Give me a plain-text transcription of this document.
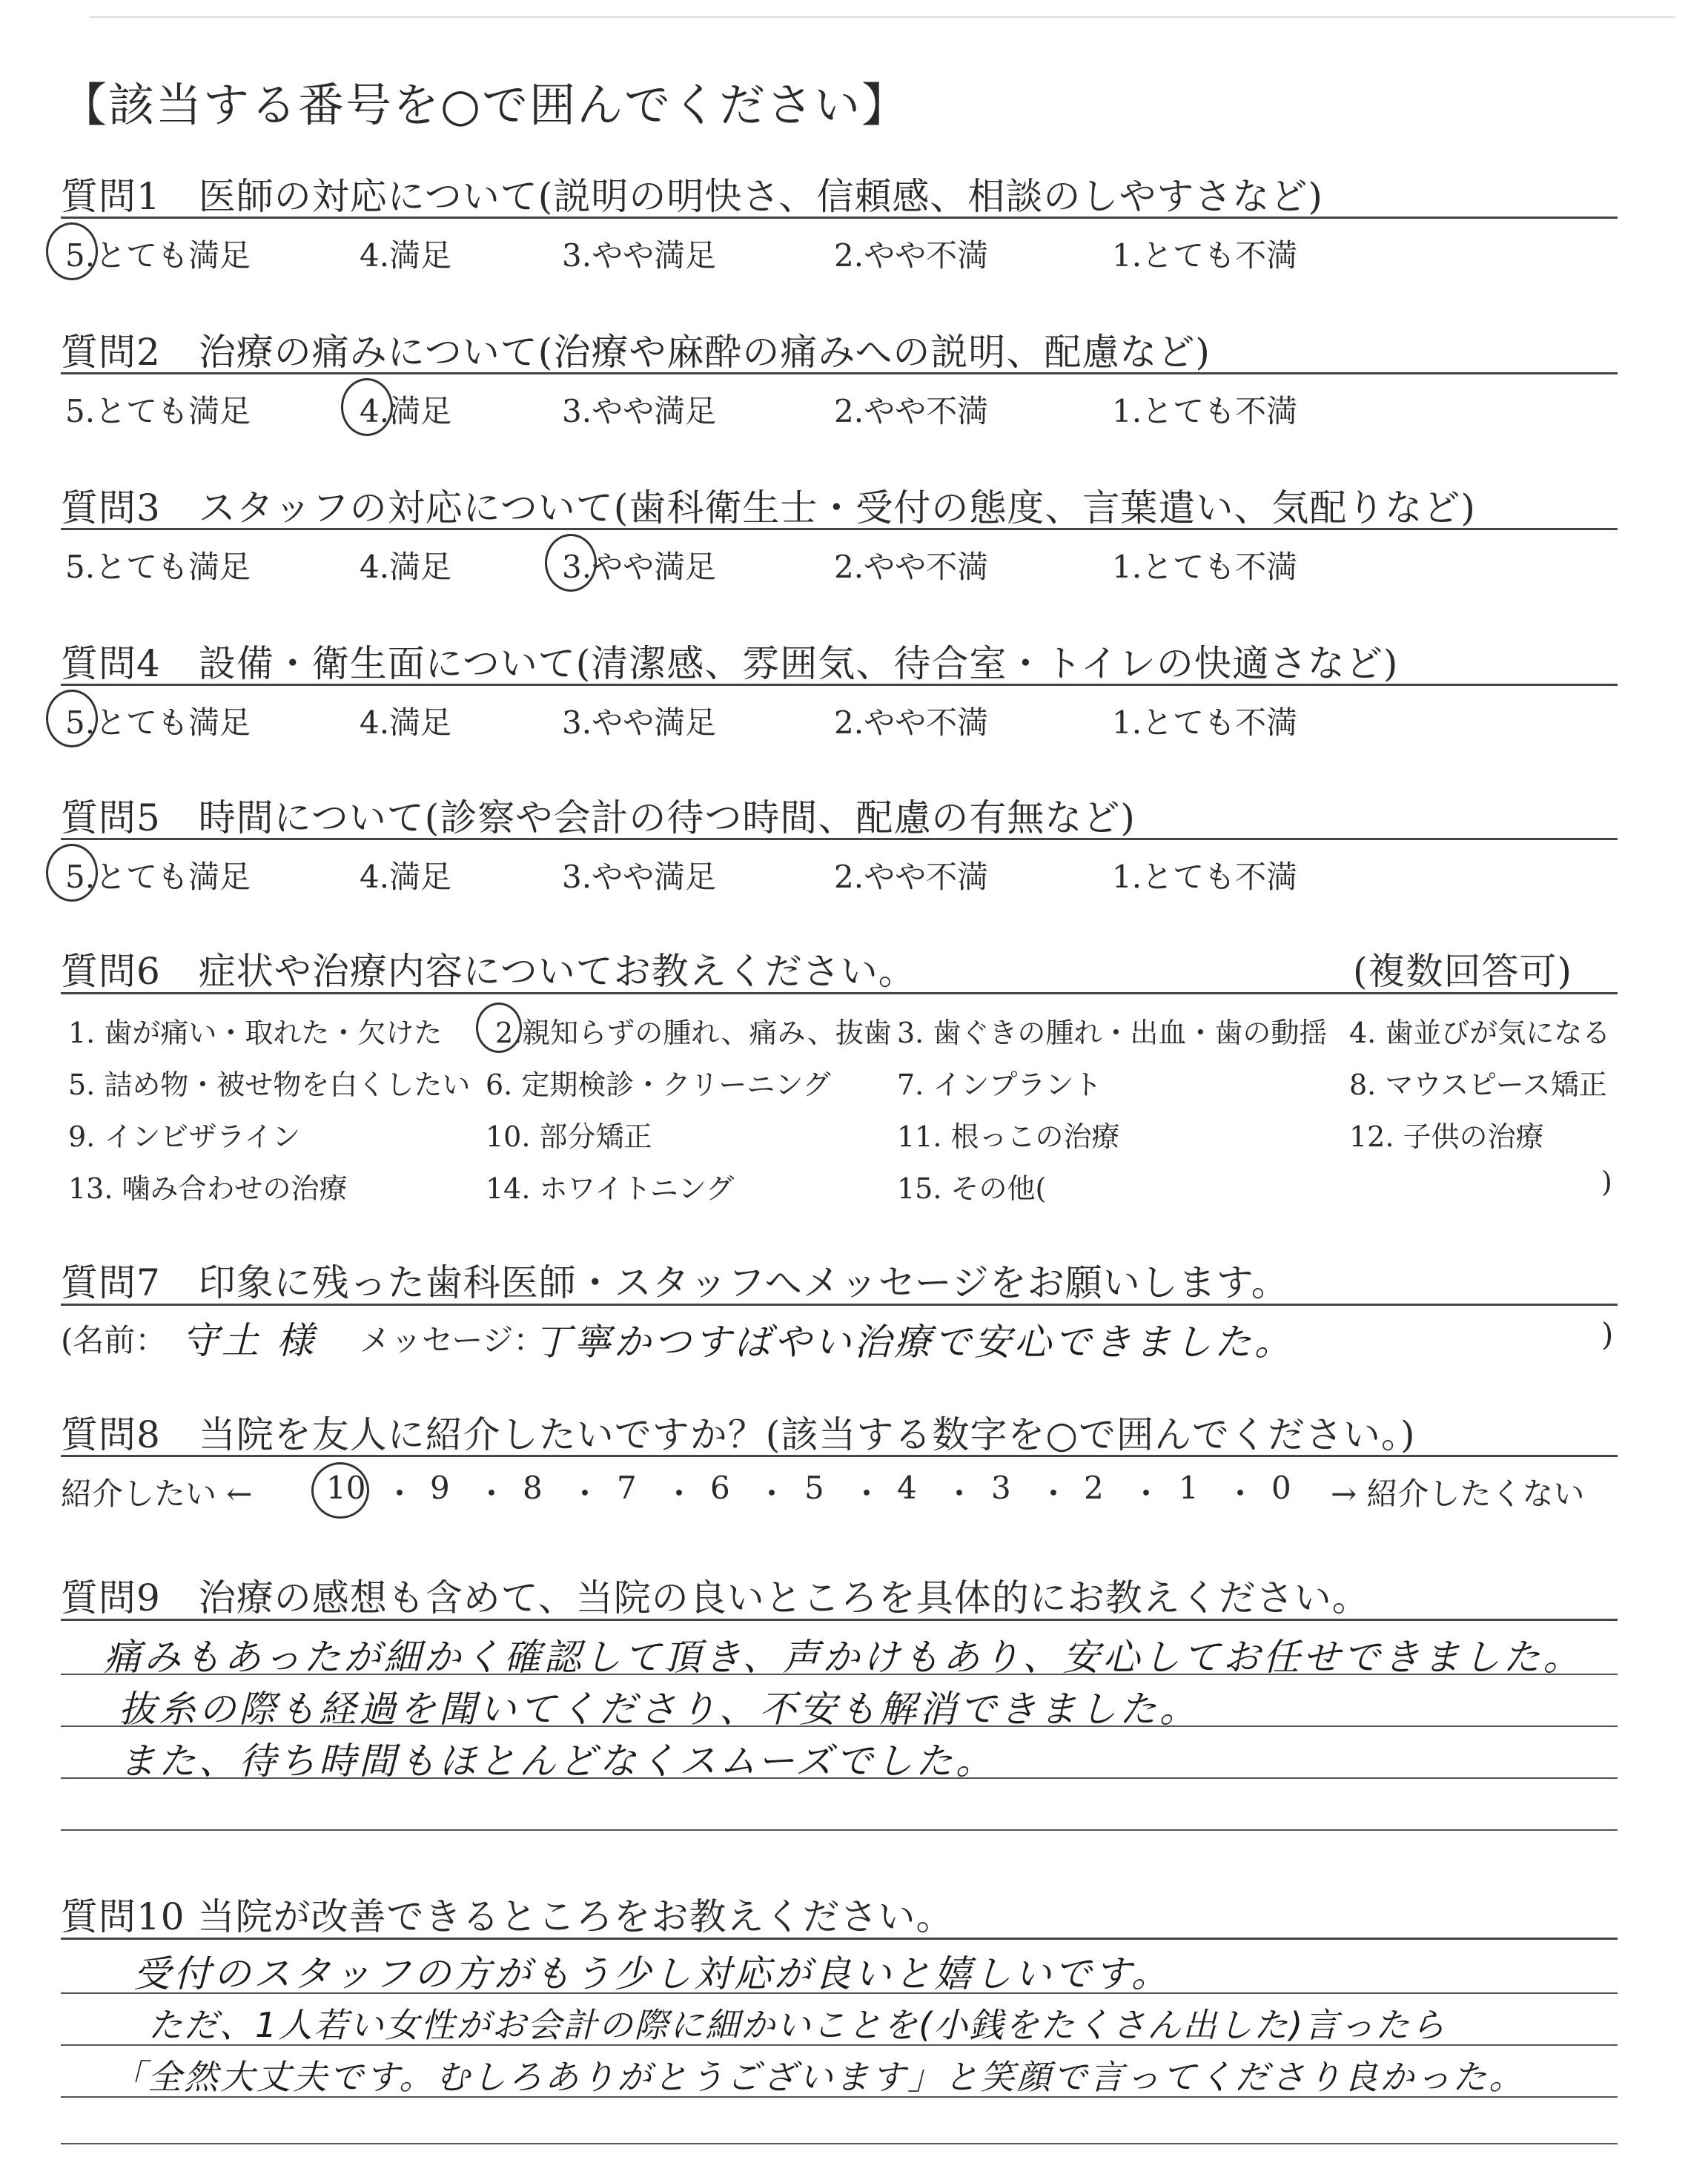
【該当する番号を○で囲んでください】
質問1　医師の対応について(説明の明快さ、信頼感、相談のしやすさなど)
5.とても満足	4.満足	3.やや満足	2.やや不満	1.とても不満
質問2　治療の痛みについて(治療や麻酔の痛みへの説明、配慮など)
5.とても満足	4.満足	3.やや満足	2.やや不満	1.とても不満
質問3　スタッフの対応について(歯科衛生士・受付の態度、言葉遣い、気配りなど)
5.とても満足	4.満足	3.やや満足	2.やや不満	1.とても不満
質問4　設備・衛生面について(清潔感、雰囲気、待合室・トイレの快適さなど)
5.とても満足	4.満足	3.やや満足	2.やや不満	1.とても不満
質問5　時間について(診察や会計の待つ時間、配慮の有無など)
5.とても満足	4.満足	3.やや満足	2.やや不満	1.とても不満
質問6　症状や治療内容についてお教えください。	(複数回答可)
1. 歯が痛い・取れた・欠けた 2.親知らずの腫れ、痛み、抜歯 3. 歯ぐきの腫れ・出血・歯の動揺 4. 歯並びが気になる
5. 詰め物・被せ物を白くしたい 6. 定期検診・クリーニング 7. インプラント	8. マウスピース矯正
9. インビザライン	10. 部分矯正	11. 根っこの治療	12. 子供の治療
13. 噛み合わせの治療	14. ホワイトニング	15. その他(	)
質問7　印象に残った歯科医師・スタッフへメッセージをお願いします。
(名前： 守土 様 メッセージ：
丁寧かつすばやい治療で安心できました。	)
質問8　当院を友人に紹介したいですか？(該当する数字を○で囲んでください。)
紹介したい ←	→ 紹介したくない
10 ・ 9 ・ 8 ・ 7 ・ 6 ・ 5 ・ 4 ・ 3 ・ 2 ・ 1 ・ 0
質問9　治療の感想も含めて、当院の良いところを具体的にお教えください。
痛みもあったが細かく確認して頂き、声かけもあり、安心してお任せできました。
抜糸の際も経過を聞いてくださり、不安も解消できました。
また、待ち時間もほとんどなくスムーズでした。
質問10 当院が改善できるところをお教えください。
受付のスタッフの方がもう少し対応が良いと嬉しいです。
ただ、1人若い女性がお会計の際に細かいことを(小銭をたくさん出した)言ったら
「全然大丈夫です。むしろありがとうございます」と笑顔で言ってくださり良かった。
